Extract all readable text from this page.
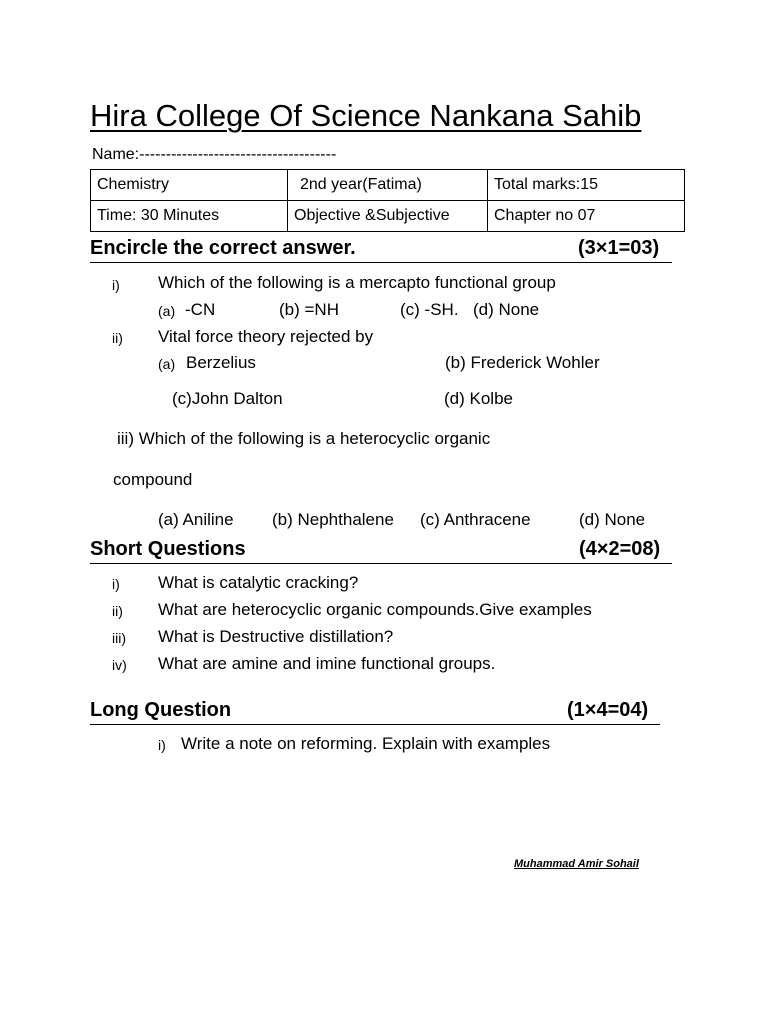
Hira College Of Science Nankana Sahib
Name:-------------------------------------
Chemistry	2nd year(Fatima)	Total marks:15
Time: 30 Minutes	Objective &Subjective	Chapter no 07
Encircle the correct answer.	(3×1=03)
i) Which of the following is a mercapto functional group
(a) -CN	(b) =NH	(c) -SH. (d) None
ii) Vital force theory rejected by
(a) Berzelius	(b) Frederick Wohler
(c)John Dalton	(d) Kolbe
iii) Which of the following is a heterocyclic organic
compound
(a) Aniline (b) Nephthalene (c) Anthracene	(d) None
Short Questions	(4×2=08)
i) What is catalytic cracking?
ii) What are heterocyclic organic compounds.Give examples
iii) What is Destructive distillation?
iv) What are amine and imine functional groups.
Long Question	(1×4=04)
i) Write a note on reforming. Explain with examples
Muhammad Amir Sohail
